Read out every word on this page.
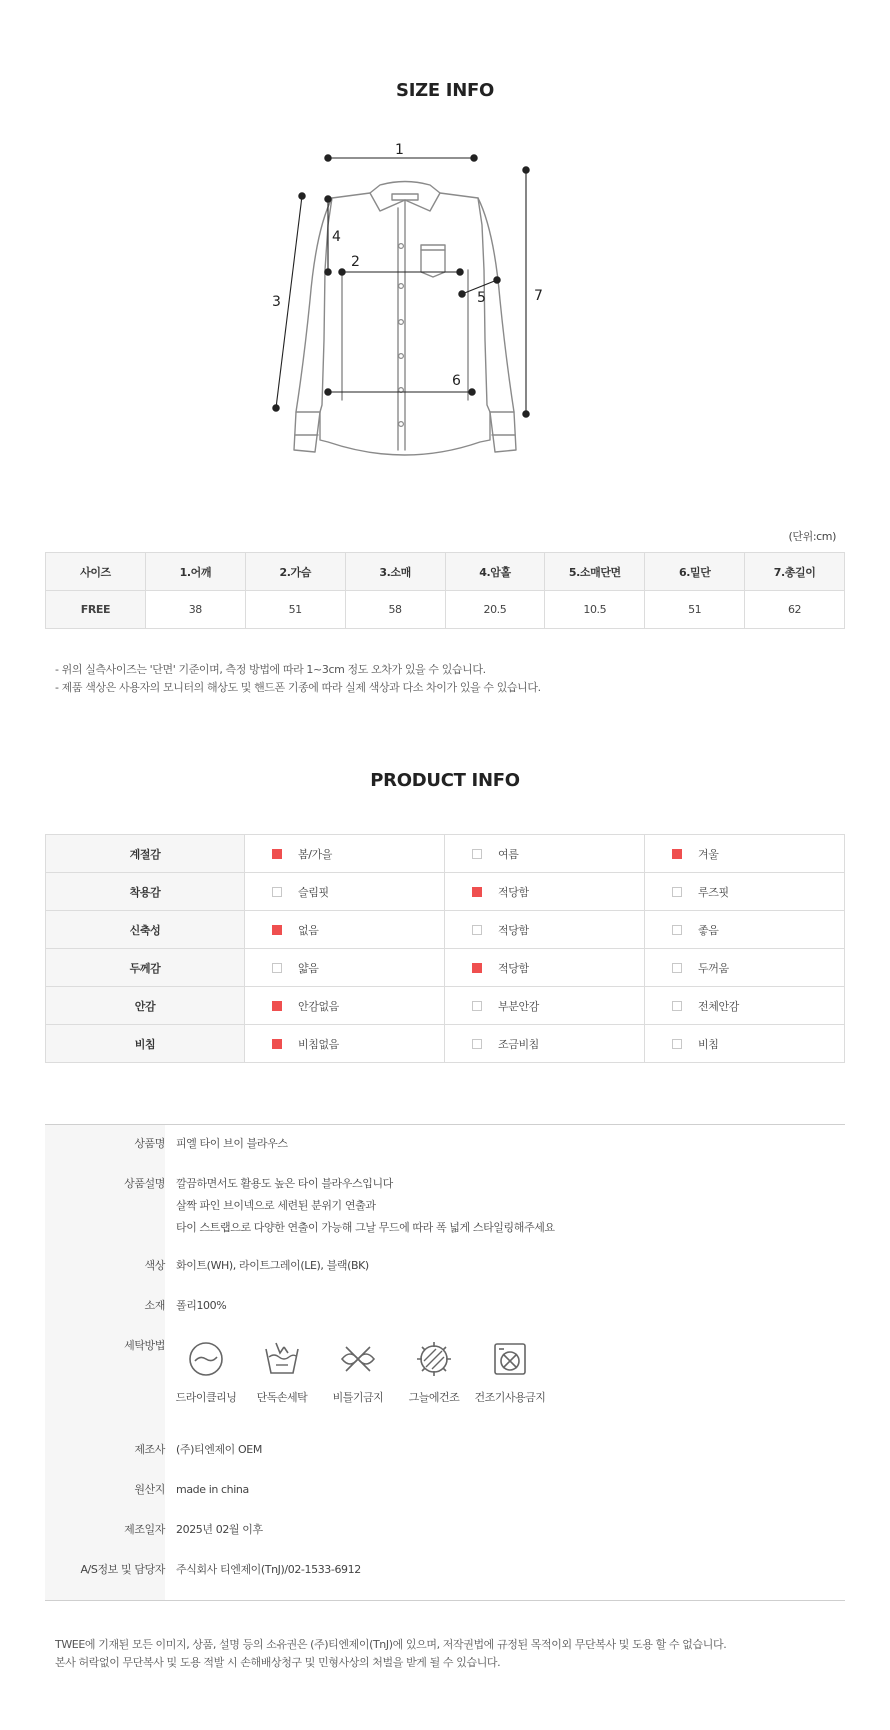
SIZE INFO
1
2
3
4
5
6
7
(단위:cm)
사이즈	1.어깨	2.가슴	3.소매	4.암홀	5.소매단면	6.밑단	7.총길이
FREE	38	51	58	20.5	10.5	51	62
- 위의 실측사이즈는 '단면' 기준이며, 측정 방법에 따라 1~3cm 정도 오차가 있을 수 있습니다.
- 제품 색상은 사용자의 모니터의 해상도 및 핸드폰 기종에 따라 실제 색상과 다소 차이가 있을 수 있습니다.
PRODUCT INFO
계절감	봄/가을	여름	겨울
착용감	슬림핏	적당함	루즈핏
신축성	없음	적당함	좋음
두께감	얇음	적당함	두꺼움
안감	안감없음	부분안감	전체안감
비침	비침없음	조금비침	비침
상품명 피엘 타이 브이 블라우스
상품설명 깔끔하면서도 활용도 높은 타이 블라우스입니다
살짝 파인 브이넥으로 세련된 분위기 연출과
타이 스트랩으로 다양한 연출이 가능해 그날 무드에 따라 폭 넓게 스타일링해주세요
색상 화이트(WH), 라이트그레이(LE), 블랙(BK)
소재 폴리100%
세탁방법
드라이클리닝	단독손세탁	비틀기금지	그늘에건조	건조기사용금지
제조사 (주)티엔제이 OEM
원산지 made in china
제조일자 2025년 02월 이후
A/S정보 및 담당자 주식회사 티엔제이(TnJ)/02-1533-6912
TWEE에 기재된 모든 이미지, 상품, 설명 등의 소유권은 (주)티엔제이(TnJ)에 있으며, 저작권법에 규정된 목적이외 무단복사 및 도용 할 수 없습니다.
본사 허락없이 무단복사 및 도용 적발 시 손해배상청구 및 민형사상의 처벌을 받게 될 수 있습니다.
